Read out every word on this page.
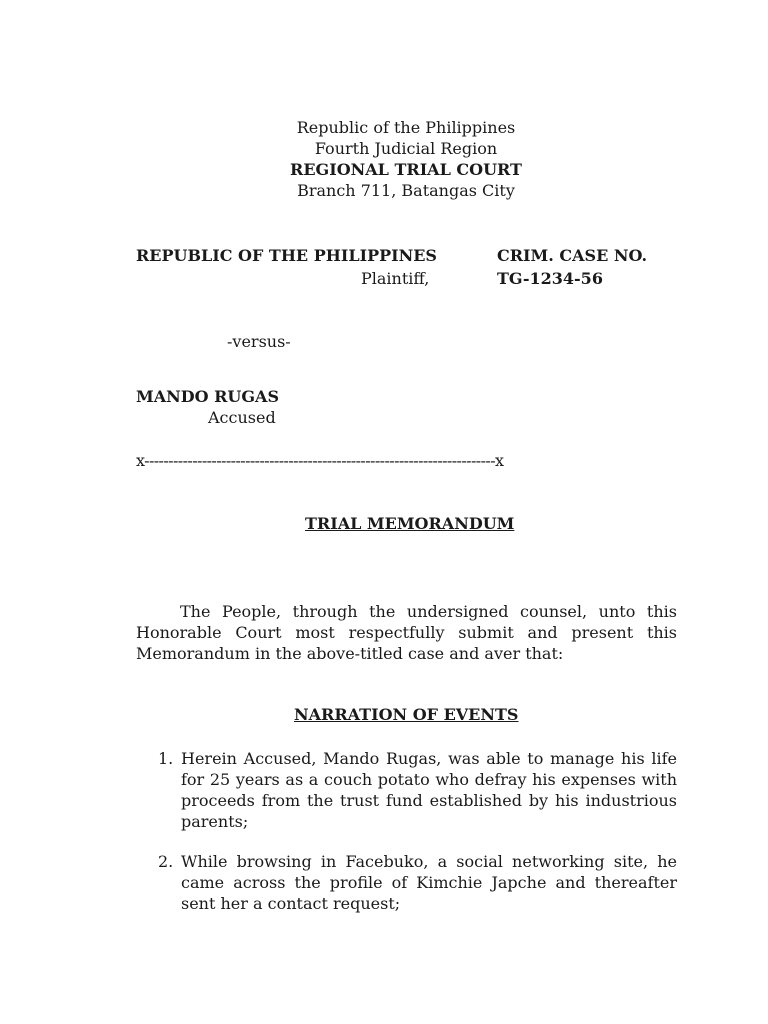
Republic of the Philippines
Fourth Judicial Region
REGIONAL TRIAL COURT
Branch 711, Batangas City
REPUBLIC OF THE PHILIPPINES
Plaintiff,
CRIM. CASE NO.
TG-1234-56
-versus-
MANDO RUGAS
Accused
x-------------------------------------------------------------------------x
TRIAL MEMORANDUM
The People, through the undersigned counsel, unto this Honorable Court most respectfully submit and present this Memorandum in the above-titled case and aver that:
NARRATION OF EVENTS
1. Herein Accused, Mando Rugas, was able to manage his life for 25 years as a couch potato who defray his expenses with proceeds from the trust fund established by his industrious parents;
2. While browsing in Facebuko, a social networking site, he came across the profile of Kimchie Japche and thereafter sent her a contact request;
